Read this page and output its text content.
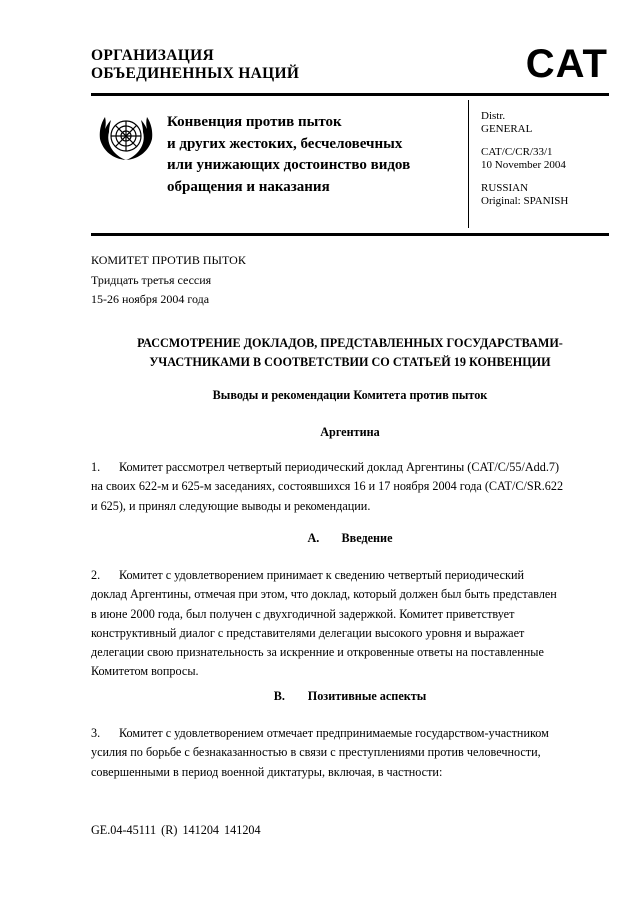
ОРГАНИЗАЦИЯ
ОБЪЕДИНЕННЫХ НАЦИЙ	CAT
Конвенция против пыток
и других жестоких, бесчеловечных
или унижающих достоинство видов
обращения и наказания
Distr.
GENERAL
CAT/C/CR/33/1
10 November 2004
RUSSIAN
Original: SPANISH
КОМИТЕТ ПРОТИВ ПЫТОК
Тридцать третья сессия
15-26 ноября 2004 года
РАССМОТРЕНИЕ ДОКЛАДОВ, ПРЕДСТАВЛЕННЫХ ГОСУДАРСТВАМИ-
УЧАСТНИКАМИ В СООТВЕТСТВИИ СО СТАТЬЕЙ 19 КОНВЕНЦИИ
Выводы и рекомендации Комитета против пыток
Аргентина
1. Комитет рассмотрел четвертый периодический доклад Аргентины (CAT/C/55/Add.7)
на своих 622-м и 625-м заседаниях, состоявшихся 16 и 17 ноября 2004 года (CAT/C/SR.622
и 625), и принял следующие выводы и рекомендации.
A. Введение
2. Комитет с удовлетворением принимает к сведению четвертый периодический
доклад Аргентины, отмечая при этом, что доклад, который должен был быть представлен
в июне 2000 года, был получен с двухгодичной задержкой. Комитет приветствует
конструктивный диалог с представителями делегации высокого уровня и выражает
делегации свою признательность за искренние и откровенные ответы на поставленные
Комитетом вопросы.
B. Позитивные аспекты
3. Комитет с удовлетворением отмечает предпринимаемые государством-участником
усилия по борьбе с безнаказанностью в связи с преступлениями против человечности,
совершенными в период военной диктатуры, включая, в частности:
GE.04-45111 (R) 141204 141204
